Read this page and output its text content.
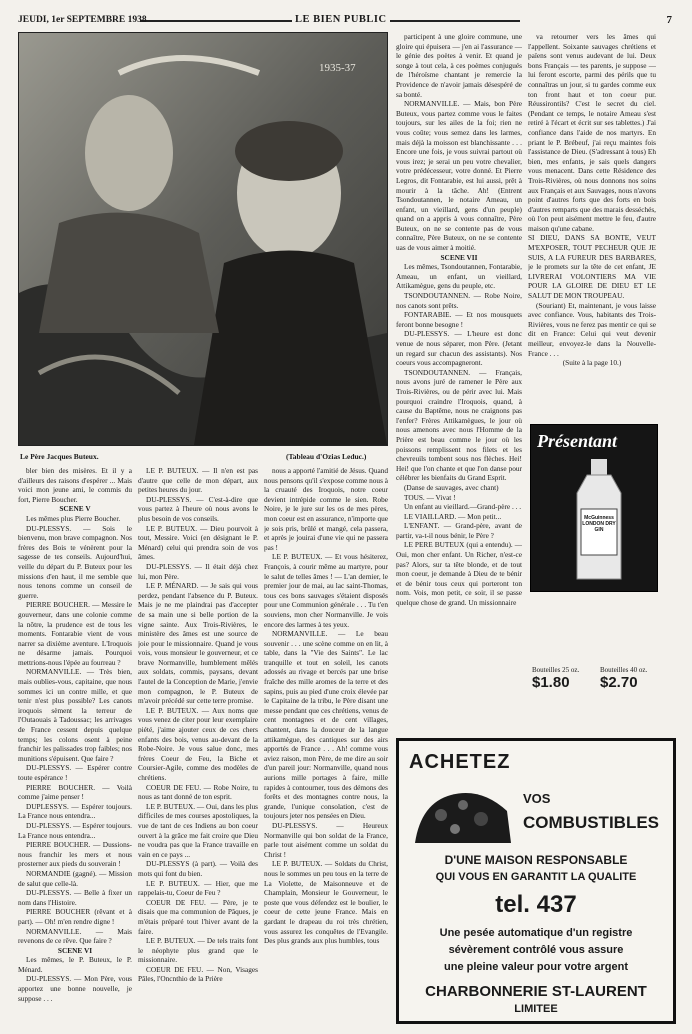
JEUDI, 1er SEPTEMBRE 1938	LE BIEN PUBLIC	7
1935-37
Le Père Jacques Buteux.	(Tableau d'Ozias Leduc.)

bler bien des misères. Et il y a d'ailleurs des raisons d'espérer ... Mais voici mon jeune ami, le commis du fort, Pierre Boucher.

SCENE V

Les mêmes plus Pierre Boucher.

DU-PLESSYS. — Sois le bienvenu, mon brave compagnon. Nos frères des Bois te vénèrent pour la sagesse de tes conseils. Aujourd'hui, veille du départ du P. Buteux pour les missions d'en haut, il me semble que nous tenons comme un conseil de guerre.

PIERRE BOUCHER. — Messire le gouverneur, dans une colonie comme la nôtre, la prudence est de tous les moments. Fontarabie vient de vous narrer sa dixième aventure. L'Iroquois ne désarme jamais. Pourquoi mettrions-nous l'épée au fourreau ?

NORMANVILLE. — Très bien, mais oublies-vous, capitaine, que nous sommes ici un contre mille, et que tenir n'est plus possible? Les canots iroquois sèment la terreur de l'Outaouais à Tadoussac; les arrivages de France cessent depuis quelque temps; les colons osent à peine franchir les palissades trop faibles; nos munitions s'épuisent. Que faire ?

DU-PLESSYS. — Espérer contre toute espérance !

PIERRE BOUCHER. — Voilà comme j'aime penser !

DUPLESSYS. — Espérer toujours. La France nous entendra...

DU-PLESSYS. — Espérer toujours. La France nous entendra...

PIERRE BOUCHER. — Dussions-nous franchir les mers et nous prosterner aux pieds du souverain !

NORMANDIE (gagné). — Mission de salut que celle-là.

DU-PLESSYS. — Belle à fixer un nom dans l'Histoire.

PIERRE BOUCHER (rêvant et à part). — Oh! m'en rendre digne !

NORMANVILLE. — Mais revenons de ce rêve. Que faire ?

SCENE VI

Les mêmes, le P. Buteux, le P. Ménard.

DU-PLESSYS. — Mon Père, vous apportez une bonne nouvelle, je suppose . . .

LE P. BUTEUX. — Il n'en est pas d'autre que celle de mon départ, aux petites heures du jour.

DU-PLESSYS. — C'est-à-dire que vous partez à l'heure où nous avons le plus besoin de vos conseils.

LE P. BUTEUX. — Dieu pourvoit à tout, Messire. Voici (en désignant le P. Ménard) celui qui prendra soin de vos âmes.

DU-PLESSYS. — Il était déjà chez lui, mon Père.

LE P. MÉNARD. — Je sais qui vous perdez, pendant l'absence du P. Buteux. Mais je ne me plaindrai pas d'accepter de sa main une si belle portion de la vigne sainte. Aux Trois-Rivières, le ministère des âmes est une source de joie pour le missionnaire. Quand je vous vois, vous monsieur le gouverneur, et ce brave Normanville, humblement mêlés aux soldats, commis, paysans, devant l'autel de la Conception de Marie, j'envie mon compagnon, le P. Buteux de m'avoir précédé sur cette terre promise.

LE P. BUTEUX. — Aux noms que vous venez de citer pour leur exemplaire piété, j'aime ajouter ceux de ces chers enfants des bois, venus au-devant de la Robe-Noire. Je vous salue donc, mes frères Coeur de Feu, la Biche et Coursier-Agile, comme des modèles de chrétiens.

COEUR DE FEU. — Robe Noire, tu nous as tant donné de ton esprit.

LE P. BUTEUX. — Oui, dans les plus difficiles de mes courses apostoliques, la vue de tant de ces Indiens au bon coeur ouvert à la grâce me fait croire que Dieu ne voudra pas que la France travaille en vain en ce pays ...

DU-PLESSYS (à part). — Voilà des mots qui font du bien.

LE P. BUTEUX. — Hier, que me rappelais-tu, Coeur de Feu ?

COEUR DE FEU. — Père, je te disais que ma communion de Pâques, je m'étais préparé tout l'hiver avant de la faire.

LE P. BUTEUX. — De tels traits font le néophyte plus grand que le missionnaire.

COEUR DE FEU. — Non, Visages Pâles, l'Oncnthio de la Prière

nous a apporté l'amitié de Jésus. Quand nous pensons qu'il s'expose comme nous à la cruauté des Iroquois, notre coeur devient intrépide comme le sien. Robe Noire, je le jure sur les os de mes pères, mon coeur est en assurance, n'importe que je sois pris, brûlé et mangé, cela passera, et après je jouirai d'une vie qui ne passera pas !

LE P. BUTEUX. — Et vous hésiterez, François, à courir même au martyre, pour le salut de telles âmes ! — L'an dernier, le premier jour de mai, au lac saint-Thomas, tous ces bons sauvages s'étaient disposés pour une Communion générale . . . Tu t'en souviens, mon cher Normanville. Je vois encore des larmes à tes yeux.

NORMANVILLE. — Le beau souvenir . . . une scène comme on en lit, à table, dans la "Vie des Saints". Le lac tranquille et tout en soleil, les canots adossés au rivage et bercés par une brise fraîche des mille aromes de la terre et des sapins, puis au pied d'une croix élevée par le Capitaine de la tribu, le Père disant une messe pendant que ces chrétiens, venus de cent montagnes et de cent villages, chantent, dans la douceur de la langue attikamègue, des cantiques sur des airs apportés de France . . . Ah! comme vous aviez raison, mon Père, de me dire au soir d'un pareil jour: Normanville, quand nous aurions mille portages à faire, mille rapides à contourner, tous des démons des forêts et des montagnes contre nous, la grande, l'unique consolation, c'est de toujours jeter nos pensées en Dieu.

DU-PLESSYS. — Heureux Normanville qui bon soldat de la France, parle tout aisément comme un soldat du Christ !

LE P. BUTEUX. — Soldats du Christ, nous le sommes un peu tous en la terre de La Violette, de Maisonneuve et de Champlain, Monsieur le Gouverneur, le poste que vous défendez est le boulier, le coeur de cette jeune France. Mais en gardant le drapeau du roi très chrétien, vous assurez les conquêtes de l'Evangile. Des plus grands aux plus humbles, tous

participent à une gloire commune, une gloire qui épuisera — j'en ai l'assurance — le génie des poètes à venir. Et quand je songe à tout cela, à ces poèmes conjugués de l'héroïsme chantant je remercie la Providence de n'avoir jamais désespéré de sa bonté.

NORMANVILLE. — Mais, bon Père Buteux, vous partez comme vous le faites toujours, sur les ailes de la foi; rien ne vous coûte; vous semez dans les larmes, mais déjà la moisson est blanchissante . . . Encore une fois, je vous suivrai partout où vous irez; je serai un peu votre chevalier, votre prédécesseur, votre donné. Et Pierre Legros, dit Fontarabie, est lui aussi, prêt à mourir à la tâche. Ah! (Entrent Tsondoutannen, le notaire Ameau, un enfant, un vieillard, gens d'un peuple) quand on a appris à vous connaître, Père Buteux, on ne se contente pas de vous connaître, Père Buteux, on ne se contente uas de vous aimer à moitié.

SCENE VII

Les mêmes, Tsondoutannen, Fontarabie, Ameau, un enfant, un vieillard, Attikamègue, gens du peuple, etc.

TSONDOUTANNEN. — Robe Noire, nos canots sont prêts.

FONTARABIE. — Et nos mousquets feront bonne besogne !

DU-PLESSYS. — L'heure est donc venue de nous séparer, mon Père. (Jetant un regard sur chacun des assistants). Nos coeurs vous accompagneront.

TSONDOUTANNEN. — Français, nous avons juré de ramener le Père aux Trois-Rivières, ou de périr avec lui. Mais pourquoi craindre l'Iroquois, quand, à cause du Baptême, nous ne craignons pas l'enfer? Frères Attikamègues, le jour où nous amenons avec nous l'Homme de la Prière est beau comme le jour où les poissons remplissent nos filets et les chevreuils tombent sous nos flèches. Hei! Hei! que l'on chante et que l'on danse pour célébrer les bienfaits du Grand Esprit.

(Danse de sauvages, avec chant)

TOUS. — Vivat !

Un enfant au vieillard.—Grand-père . . .

LE VIAILLARD. — Mon petit...

L'ENFANT. — Grand-père, avant de partir, va-t-il nous bénir, le Père ?

LE PERE BUTEUX (qui a entendu). — Oui, mon cher enfant. Un Richer, n'est-ce pas? Alors, sur ta tête blonde, et de tout mon coeur, je demande à Dieu de te bénir et de bénir tous ceux qui porteront ton nom. Vois, mon petit, ce soir, il se passe quelque chose de grand. Un missionnaire

va retourner vers les âmes qui l'appellent. Soixante sauvages chrétiens et païens sont venus audevant de lui. Deux bons Français — tes parents, je suppose — lui feront escorte, parmi des périls que tu connaîtras un jour, si tu gardes comme eux ton front haut et ton coeur pur. Réussirontils? C'est le secret du ciel. (Pendant ce temps, le notaire Ameau s'est retiré à l'écart et écrit sur ses tablettes.) J'ai confiance dans l'aide de nos martyrs. En priant le P. Brébeuf, j'ai reçu maintes fois l'assistance de Dieu. (S'adressant à tous) Eh bien, mes enfants, je sais quels dangers vous menacent. Dans cette Résidence des Trois-Rivières, où nous donnons nos soins aux Français et aux Sauvages, nous n'avons point d'autres forts que des forts en bois d'autres remparts que des marais desséchés, où l'on peut aisément mettre le feu, d'autre maison qu'une cabane.

SI DIEU, DANS SA BONTE, VEUT M'EXPOSER, TOUT PECHEUR QUE JE SUIS, A LA FUREUR DES BARBARES, je le promets sur la tête de cet enfant, JE LIVRERAI VOLONTIERS MA VIE POUR LA GLOIRE DE DIEU ET LE SALUT DE MON TROUPEAU.

(Souriant) Et, maintenant, je vous laisse avec confiance. Vous, habitants des Trois-Rivières, vous ne ferez pas mentir ce qui se dit en France: Celui qui veut devenir meilleur, envoyez-le dans la Nouvelle-France . . .

(Suite à la page 10.)

Présentant
McGuinness
LONDON DRY GIN
Bouteilles 25 oz.
$1.80
Bouteilles 40 oz.
$2.70
ACHETEZ
VOS
COMBUSTIBLES
D'UNE MAISON RESPONSABLE
QUI VOUS EN GARANTIT LA QUALITE
tel. 437
Une pesée automatique d'un registre
sévèrement contrôlé vous assure
une pleine valeur pour votre argent
CHARBONNERIE ST-LAURENT
LIMITEE
